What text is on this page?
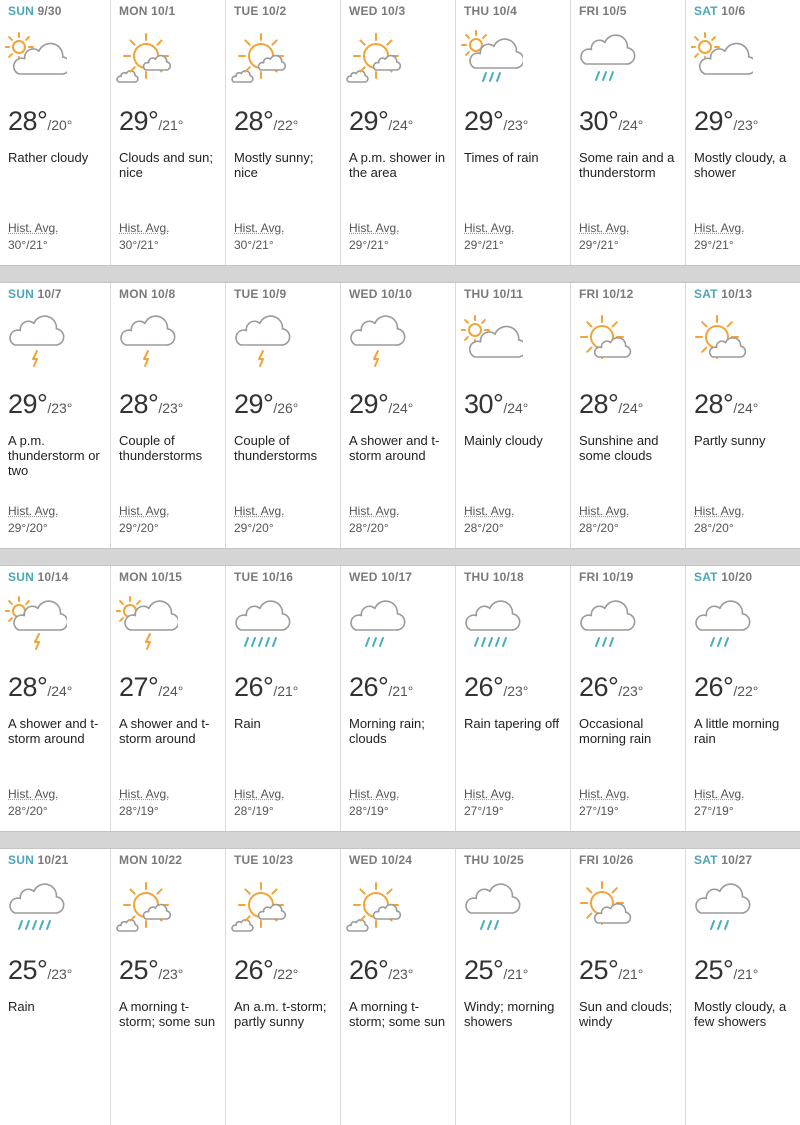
SUN 9/30
28°/20°
Rather cloudy
Hist. Avg.
30°/21°
MON 10/1
29°/21°
Clouds and sun; nice
Hist. Avg.
30°/21°
TUE 10/2
28°/22°
Mostly sunny; nice
Hist. Avg.
30°/21°
WED 10/3
29°/24°
A p.m. shower in the area
Hist. Avg.
29°/21°
THU 10/4
29°/23°
Times of rain
Hist. Avg.
29°/21°
FRI 10/5
30°/24°
Some rain and a thunderstorm
Hist. Avg.
29°/21°
SAT 10/6
29°/23°
Mostly cloudy, a shower
Hist. Avg.
29°/21°
SUN 10/7
29°/23°
A p.m. thunderstorm or two
Hist. Avg.
29°/20°
MON 10/8
28°/23°
Couple of thunderstorms
Hist. Avg.
29°/20°
TUE 10/9
29°/26°
Couple of thunderstorms
Hist. Avg.
29°/20°
WED 10/10
29°/24°
A shower and t-storm around
Hist. Avg.
28°/20°
THU 10/11
30°/24°
Mainly cloudy
Hist. Avg.
28°/20°
FRI 10/12
28°/24°
Sunshine and some clouds
Hist. Avg.
28°/20°
SAT 10/13
28°/24°
Partly sunny
Hist. Avg.
28°/20°
SUN 10/14
28°/24°
A shower and t-storm around
Hist. Avg.
28°/20°
MON 10/15
27°/24°
A shower and t-storm around
Hist. Avg.
28°/19°
TUE 10/16
26°/21°
Rain
Hist. Avg.
28°/19°
WED 10/17
26°/21°
Morning rain; clouds
Hist. Avg.
28°/19°
THU 10/18
26°/23°
Rain tapering off
Hist. Avg.
27°/19°
FRI 10/19
26°/23°
Occasional morning rain
Hist. Avg.
27°/19°
SAT 10/20
26°/22°
A little morning rain
Hist. Avg.
27°/19°
SUN 10/21
25°/23°
Rain
MON 10/22
25°/23°
A morning t-storm; some sun
TUE 10/23
26°/22°
An a.m. t-storm; partly sunny
WED 10/24
26°/23°
A morning t-storm; some sun
THU 10/25
25°/21°
Windy; morning showers
FRI 10/26
25°/21°
Sun and clouds; windy
SAT 10/27
25°/21°
Mostly cloudy, a few showers
